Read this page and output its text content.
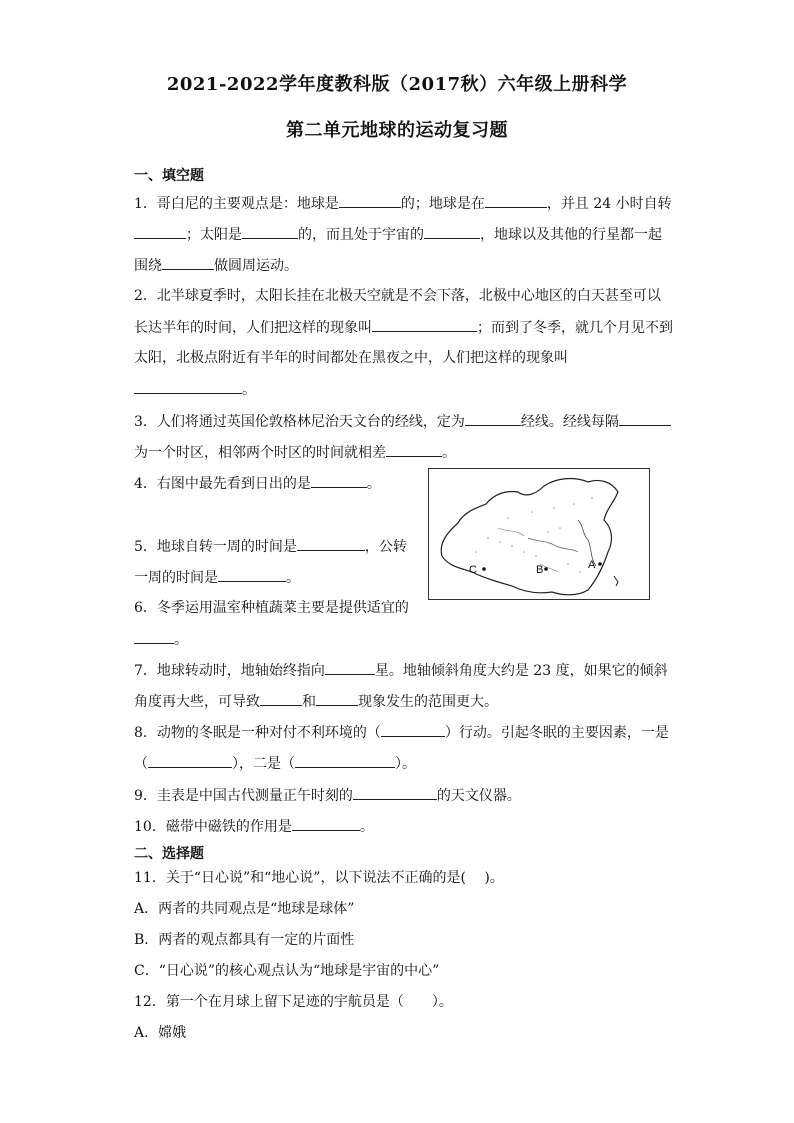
2021-2022学年度教科版（2017秋）六年级上册科学
第二单元地球的运动复习题
一、填空题
1．哥白尼的主要观点是：地球是	的；地球是在	，并且 24 小时自转
；太阳是	的，而且处于宇宙的	，地球以及其他的行星都一起
围绕	做圆周运动。
2．北半球夏季时，太阳长挂在北极天空就是不会下落，北极中心地区的白天甚至可以
长达半年的时间，人们把这样的现象叫	；而到了冬季，就几个月见不到
太阳，北极点附近有半年的时间都处在黑夜之中，人们把这样的现象叫
。
3．人们将通过英国伦敦格林尼治天文台的经线，定为	经线。经线每隔
为一个时区，相邻两个时区的时间就相差	。
4．右图中最先看到日出的是	。
C	B	A
5．地球自转一周的时间是	，公转
一周的时间是	。
6．冬季运用温室种植蔬菜主要是提供适宜的
。
7．地球转动时，地轴始终指向	星。地轴倾斜角度大约是 23 度，如果它的倾斜
角度再大些，可导致	和	现象发生的范围更大。
8．动物的冬眠是一种对付不利环境的（	）行动。引起冬眠的主要因素，一是
（	），二是（	）。
9．圭表是中国古代测量正午时刻的	的天文仪器。
10．磁带中磁铁的作用是	。
二、选择题
11．关于“日心说”和“地心说”，以下说法不正确的是(　 )。
A．两者的共同观点是“地球是球体”
B．两者的观点都具有一定的片面性
C．“日心说”的核心观点认为“地球是宇宙的中心”
12．第一个在月球上留下足迹的宇航员是（　　）。
A．嫦娥
